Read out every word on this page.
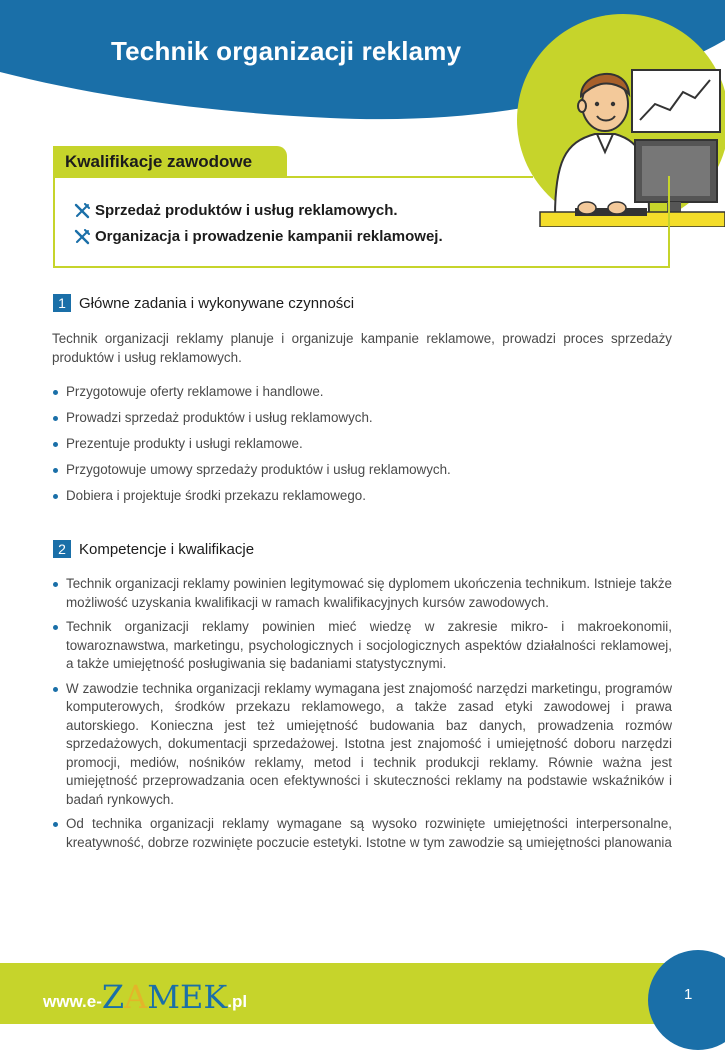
Technik organizacji reklamy
Kwalifikacje zawodowe
Sprzedaż produktów i usług reklamowych.
Organizacja i prowadzenie kampanii reklamowej.
1 Główne zadania i wykonywane czynności
Technik organizacji reklamy planuje i organizuje kampanie reklamowe, prowadzi proces sprzedaży produktów i usług reklamowych.
Przygotowuje oferty reklamowe i handlowe.
Prowadzi sprzedaż produktów i usług reklamowych.
Prezentuje produkty i usługi reklamowe.
Przygotowuje umowy sprzedaży produktów i usług reklamowych.
Dobiera i projektuje środki przekazu reklamowego.
2 Kompetencje i kwalifikacje
Technik organizacji reklamy powinien legitymować się dyplomem ukończenia technikum. Istnieje także możliwość uzyskania kwalifikacji w ramach kwalifikacyjnych kursów zawodowych.
Technik organizacji reklamy powinien mieć wiedzę w zakresie mikro- i makroekonomii, towaroznawstwa, marketingu, psychologicznych i socjologicznych aspektów działalności reklamowej, a także umiejętność posługiwania się badaniami statystycznymi.
W zawodzie technika organizacji reklamy wymagana jest znajomość narzędzi marketingu, programów komputerowych, środków przekazu reklamowego, a także zasad etyki zawodowej i prawa autorskiego. Konieczna jest też umiejętność budowania baz danych, prowadzenia rozmów sprzedażowych, dokumentacji sprzedażowej. Istotna jest znajomość i umiejętność doboru narzędzi promocji, mediów, nośników reklamy, metod i technik produkcji reklamy. Równie ważna jest umiejętność przeprowadzania ocen efektywności i skuteczności reklamy na podstawie wskaźników i badań rynkowych.
Od technika organizacji reklamy wymagane są wysoko rozwinięte umiejętności interpersonalne, kreatywność, dobrze rozwinięte poczucie estetyki. Istotne w tym zawodzie są umiejętności planowania
www.e- Z A MEK .pl	1
